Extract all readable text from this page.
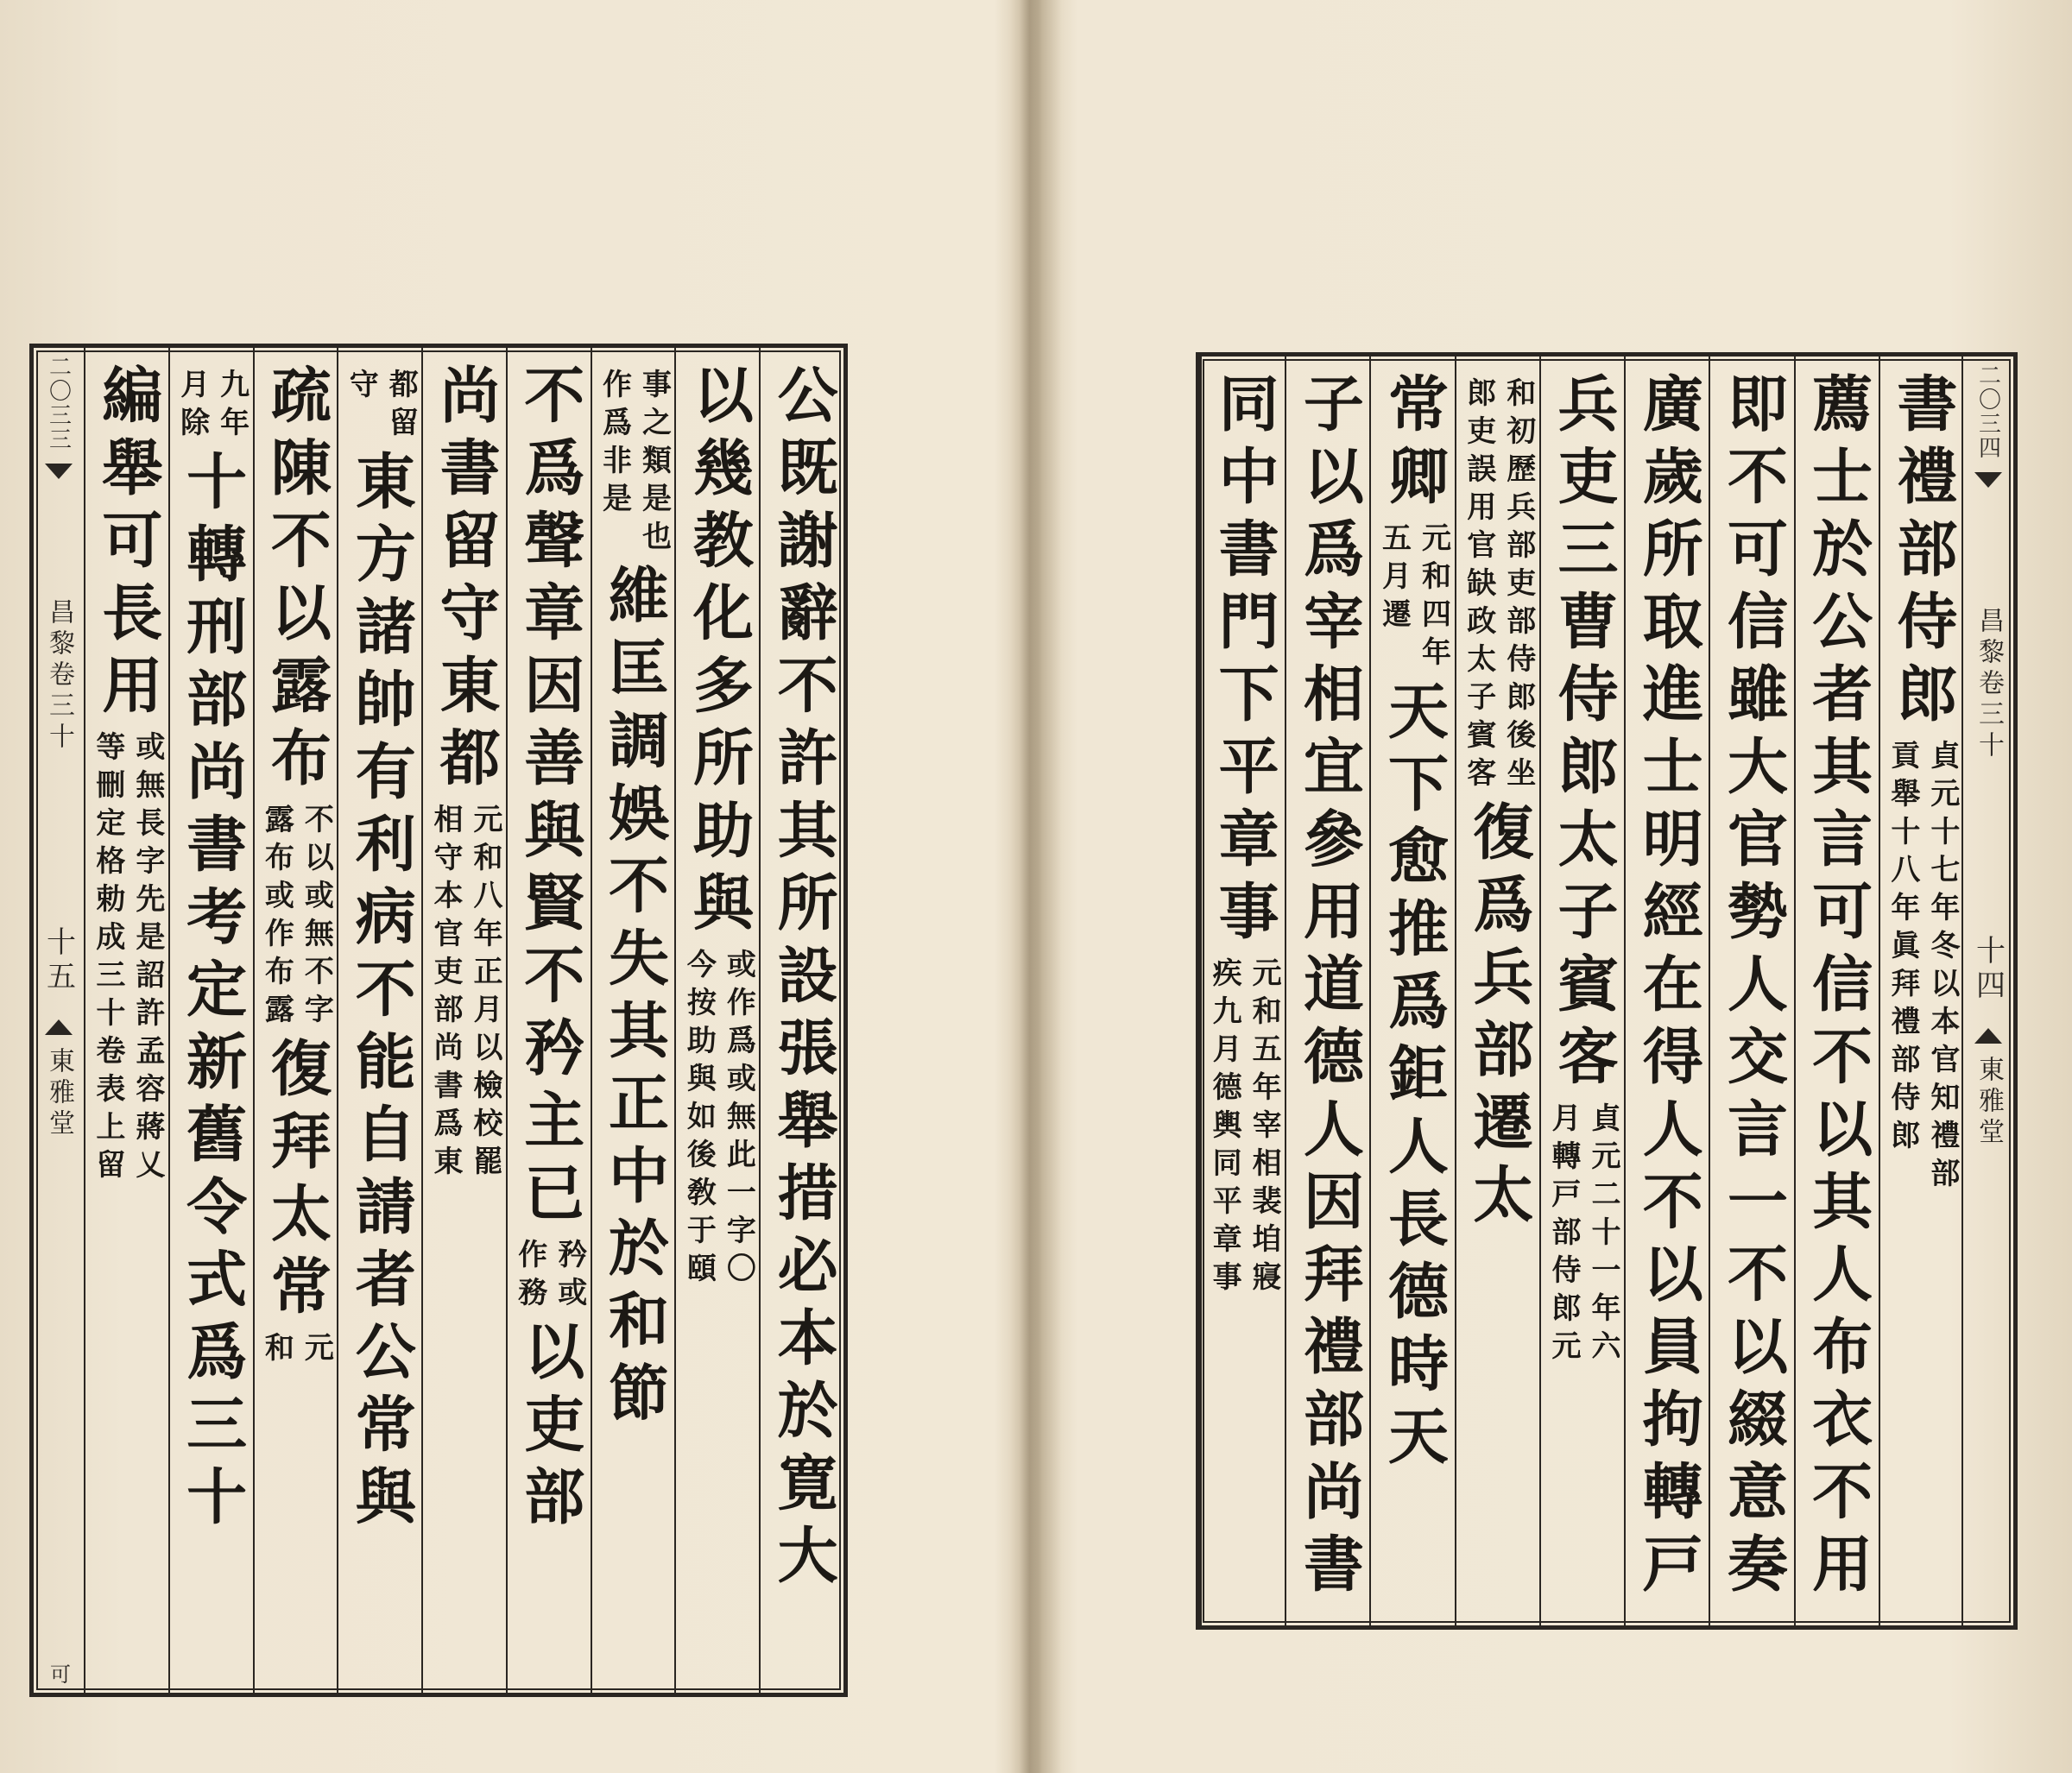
公既謝辭不許其所設張舉措必本於寛大
以幾教化多所助與
或作爲或無此一字〇
今按助與如後敎于頤
事之類是也
作爲非是
維匡調娛不失其正中於和節
不爲聲章因善與賢不矜主已
矜或
作務
以吏部
尚書留守東都
元和八年正月以檢校罷
相守本官吏部尚書爲東
都留
守
東方諸帥有利病不能自請者公常與
疏陳不以露布
不以或無不字
露布或作布露
復拜太常
元
和
九年
月除
十轉刑部尚書考定新舊令式爲三十
編舉可長用
或無長字先是詔許孟容蔣乂
等刪定格勅成三十卷表上留
二〇三三
昌黎卷三十
十五
東雅堂
可
書禮部侍郎
貞元十七年冬以本官知禮部
貢舉十八年眞拜禮部侍郎
薦士於公者其言可信不以其人布衣不用
即不可信雖大官勢人交言一不以綴意奏
廣歲所取進士明經在得人不以員拘轉戸
兵吏三曹侍郎太子賓客
貞元二十一年六
月轉戸部侍郎元
和初歷兵部吏部侍郎後坐
郎吏誤用官缺政太子賓客
復爲兵部遷太
常卿
元和四年
五月遷
天下愈推爲鉅人長德時天
子以爲宰相宜參用道德人因拜禮部尚書
同中書門下平章事
元和五年宰相裴垍寢
疾九月德輿同平章事
二〇三四
昌黎卷三十
十四
東雅堂
